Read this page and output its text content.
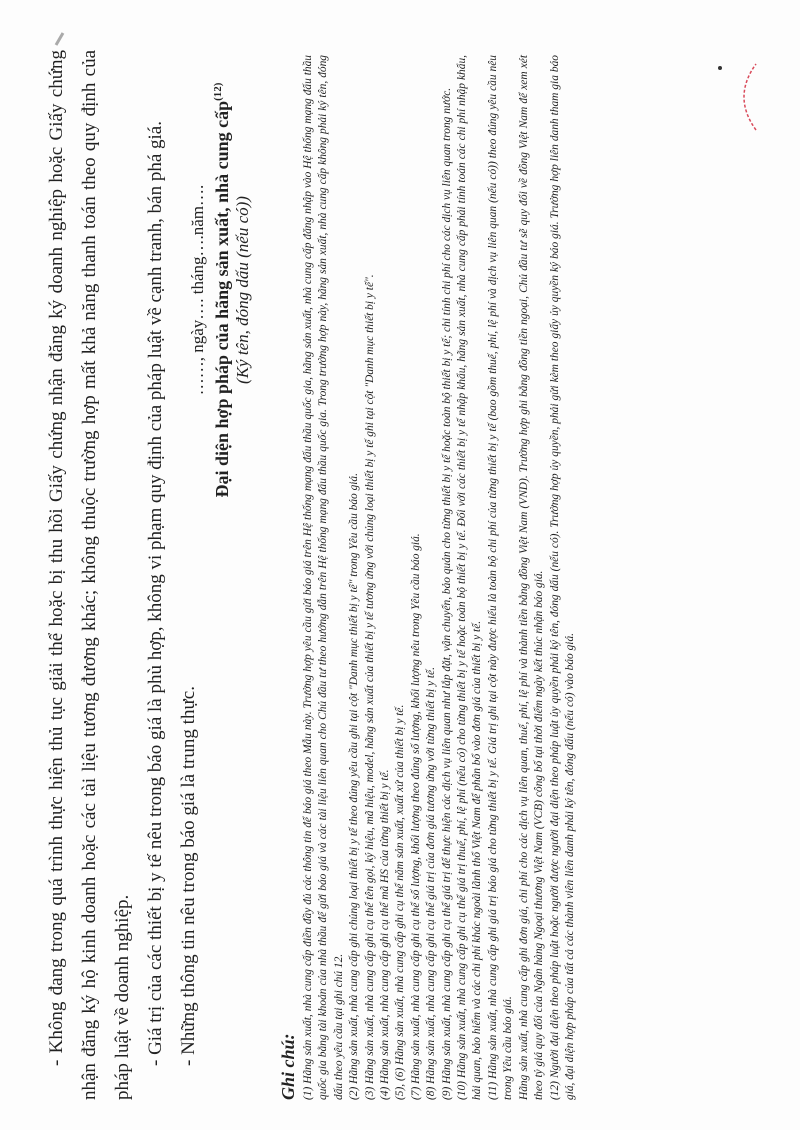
- Không đang trong quá trình thực hiện thủ tục giải thể hoặc bị thu hồi Giấy chứng nhận đăng ký doanh nghiệp hoặc Giấy chứng nhận đăng ký hộ kinh doanh hoặc các tài liệu tương đương khác; không thuộc trường hợp mất khả năng thanh toán theo quy định của pháp luật về doanh nghiệp. - Giá trị của các thiết bị y tế nêu trong báo giá là phù hợp, không vi phạm quy định của pháp luật về cạnh tranh, bán phá giá. - Những thông tin nêu trong báo giá là trung thực.

……, ngày…. tháng….năm…. Đại diện hợp pháp của hãng sản xuất, nhà cung cấp$^{(12)}$
(Ký tên, đóng dấu (nếu có))
Ghi chú: (1) Hãng sản xuất, nhà cung cấp điền đầy đủ các thông tin để báo giá theo Mẫu này. Trường hợp yêu cầu gửi báo giá trên Hệ thống mạng đấu thầu quốc gia, hãng sản xuất, nhà cung cấp đăng nhập vào Hệ thống mạng đấu thầu quốc gia bằng tài khoản của nhà thầu để gửi báo giá và các tài liệu liên quan cho Chủ đầu tư theo hướng dẫn trên Hệ thống mạng đấu thầu quốc gia. Trong trường hợp này, hãng sản xuất, nhà cung cấp không phải ký tên, đóng dấu theo yêu cầu tại ghi chú 12. (2) Hãng sản xuất, nhà cung cấp ghi chủng loại thiết bị y tế theo đúng yêu cầu ghi tại cột "Danh mục thiết bị y tế" trong Yêu cầu báo giá. (3) Hãng sản xuất, nhà cung cấp ghi cụ thể tên gọi, ký hiệu, mã hiệu, model, hãng sản xuất của thiết bị y tế tương ứng với chủng loại thiết bị y tế ghi tại cột "Danh mục thiết bị y tế". (4) Hãng sản xuất, nhà cung cấp ghi cụ thể mã HS của từng thiết bị y tế. (5), (6) Hãng sản xuất, nhà cung cấp ghi cụ thể năm sản xuất, xuất xứ của thiết bị y tế. (7) Hãng sản xuất, nhà cung cấp ghi cụ thể số lượng, khối lượng theo đúng số lượng, khối lượng nêu trong Yêu cầu báo giá. (8) Hãng sản xuất, nhà cung cấp ghi cụ thể giá trị của đơn giá tương ứng với từng thiết bị y tế. (9) Hãng sản xuất, nhà cung cấp ghi cụ thể giá trị để thực hiện các dịch vụ liên quan như lắp đặt, vận chuyển, bảo quản cho từng thiết bị y tế hoặc toàn bộ thiết bị y tế; chi tính chi phí cho các dịch vụ liên quan trong nước. (10) Hãng sản xuất, nhà cung cấp ghi cụ thể giá trị thuế, phí, lệ phí (nếu có) cho từng thiết bị y tế hoặc toàn bộ thiết bị y tế. Đối với các thiết bị y tế nhập khẩu, hãng sản xuất, nhà cung cấp phải tính toán các chi phí nhập khẩu, hải quan, bảo hiểm và các chi phí khác ngoài lãnh thổ Việt Nam để phân bổ vào đơn giá của thiết bị y tế. (11) Hãng sản xuất, nhà cung cấp ghi giá trị báo giá cho từng thiết bị y tế. Giá trị ghi tại cột này được hiểu là toàn bộ chi phí của từng thiết bị y tế (bao gồm thuế, phí, lệ phí và dịch vụ liên quan (nếu có)) theo đúng yêu cầu nêu trong Yêu cầu báo giá. Hãng sản xuất, nhà cung cấp ghi đơn giá, chi phí cho các dịch vụ liên quan, thuế, phí, lệ phí và thành tiền bằng đồng Việt Nam (VND). Trường hợp ghi bằng đồng tiền ngoại, Chủ đầu tư sẽ quy đổi về đồng Việt Nam để xem xét theo tỷ giá quy đổi của Ngân hàng Ngoại thương Việt Nam (VCB) công bố tại thời điểm ngày kết thúc nhận báo giá. (12) Người đại diện theo pháp luật hoặc người được người đại diện theo pháp luật ủy quyền phải ký tên, đóng dấu (nếu có). Trường hợp ủy quyền, phải gửi kèm theo giấy ủy quyền ký báo giá. Trường hợp liên danh tham gia báo giá, đại diện hợp pháp của tất cả các thành viên liên danh phải ký tên, đóng dấu (nếu có) vào báo giá.
